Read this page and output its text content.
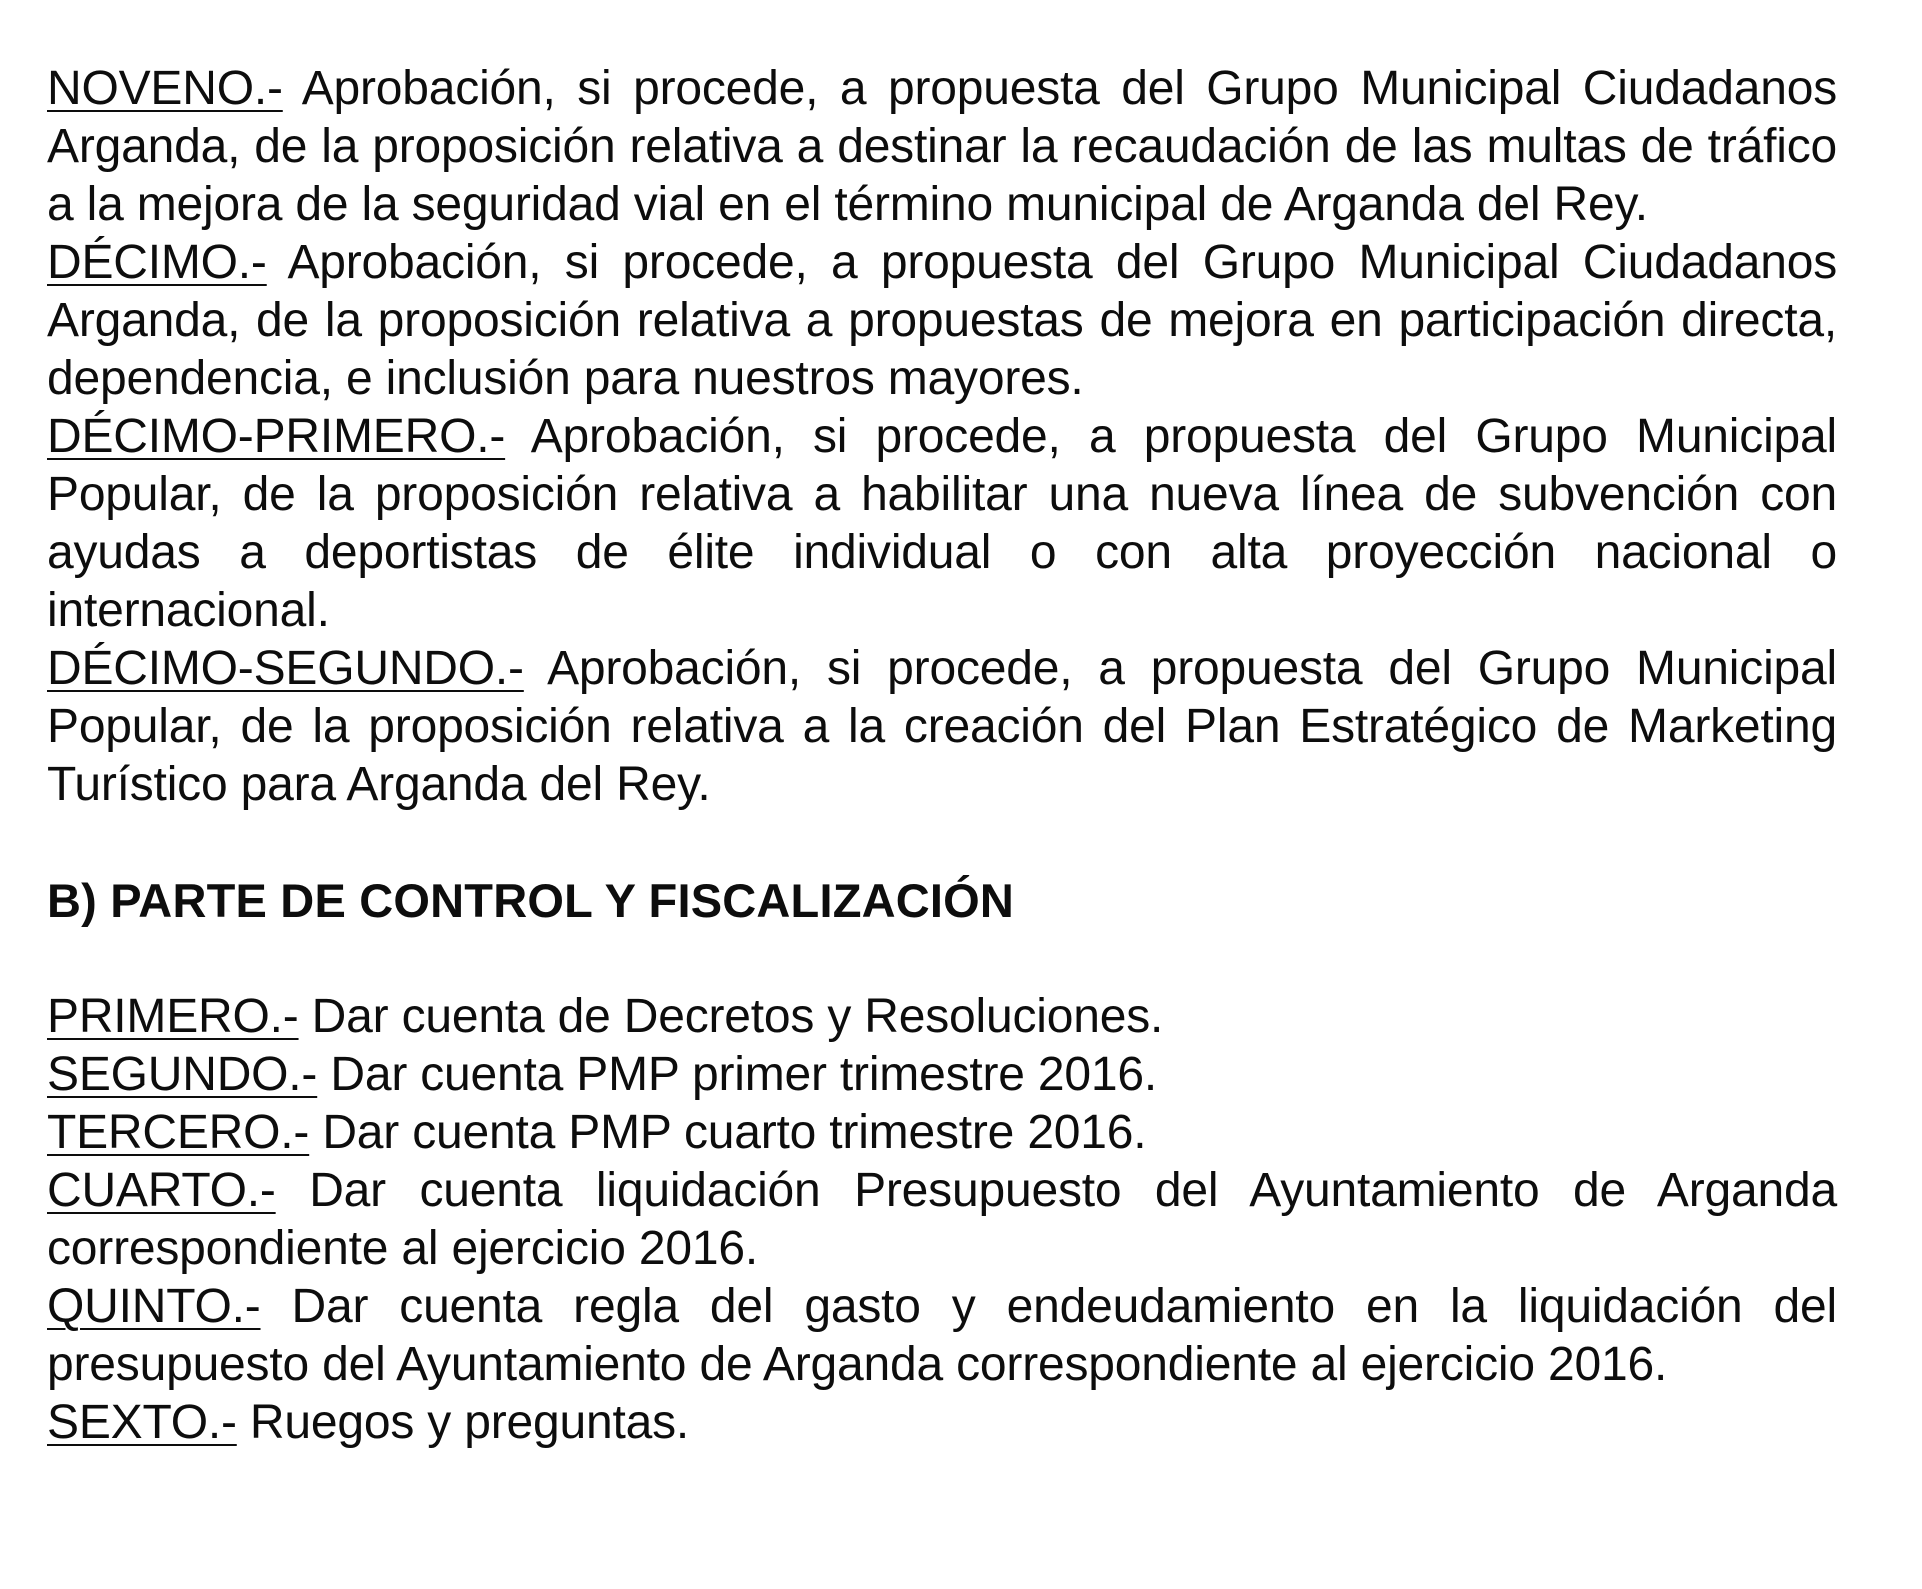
NOVENO.- Aprobación, si procede, a propuesta del Grupo Municipal Ciudadanos Arganda, de la proposición relativa a destinar la recaudación de las multas de tráfico a la mejora de la seguridad vial en el término municipal de Arganda del Rey.

DÉCIMO.- Aprobación, si procede, a propuesta del Grupo Municipal Ciudadanos Arganda, de la proposición relativa a propuestas de mejora en participación directa, dependencia, e inclusión para nuestros mayores.

DÉCIMO-PRIMERO.- Aprobación, si procede, a propuesta del Grupo Municipal Popular, de la proposición relativa a habilitar una nueva línea de subvención con ayudas a deportistas de élite individual o con alta proyección nacional o internacional.

DÉCIMO-SEGUNDO.- Aprobación, si procede, a propuesta del Grupo Municipal Popular, de la proposición relativa a la creación del Plan Estratégico de Marketing Turístico para Arganda del Rey.

B) PARTE DE CONTROL Y FISCALIZACIÓN

PRIMERO.- Dar cuenta de Decretos y Resoluciones.

SEGUNDO.- Dar cuenta PMP primer trimestre 2016.

TERCERO.- Dar cuenta PMP cuarto trimestre 2016.

CUARTO.- Dar cuenta liquidación Presupuesto del Ayuntamiento de Arganda correspondiente al ejercicio 2016.

QUINTO.- Dar cuenta regla del gasto y endeudamiento en la liquidación del presupuesto del Ayuntamiento de Arganda correspondiente al ejercicio 2016.

SEXTO.- Ruegos y preguntas.
